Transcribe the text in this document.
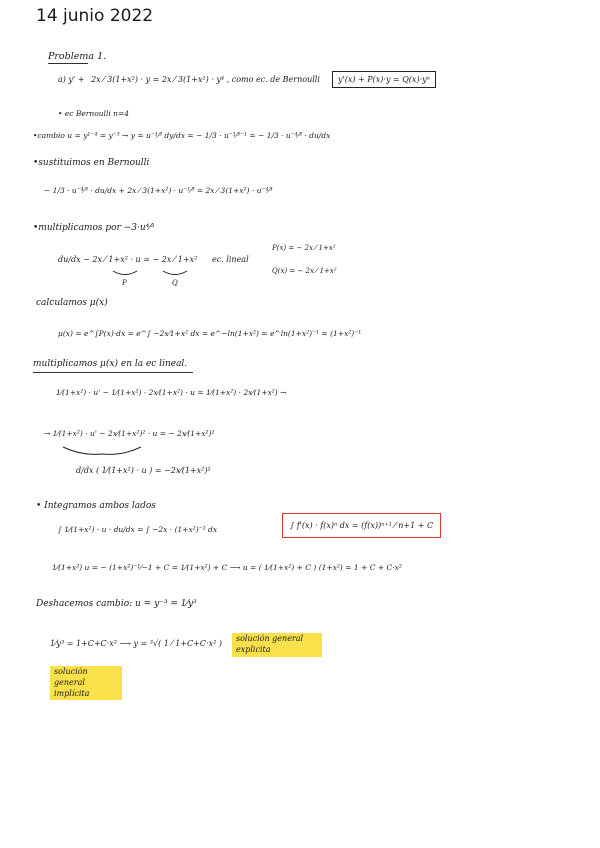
14 junio 2022
Problema 1.
a) y' +   2x ⁄ 3(1+x²) · y = 2x ⁄ 3(1+x²) · y⁴ , como ec. de Bernoulli	y'(x) + P(x)·y = Q(x)·yⁿ
• ec Bernoulli n=4
•cambio u = y¹⁻⁴ = y⁻³ → y = u⁻¹⁄³ dy/dx = − 1/3 · u⁻¹⁄³⁻¹ = − 1/3 · u⁻⁴⁄³ · du/dx
•sustituimos en Bernoulli
− 1/3 · u⁻⁴⁄³ · du/dx + 2x ⁄ 3(1+x²) · u⁻¹⁄³ = 2x ⁄ 3(1+x²) · u⁻⁴⁄³
•multiplicamos por −3·u⁴⁄³
du/dx − 2x ⁄ 1+x² · u = − 2x ⁄ 1+x² ec. lineal
P(x) = − 2x ⁄ 1+x²
Q(x) = − 2x ⁄ 1+x²
P	Q
calculamos μ(x)
μ(x) = e^∫P(x)·dx = e^∫ −2x⁄1+x² dx = e^−ln(1+x²) = e^ln(1+x²)⁻¹ = (1+x²)⁻¹
multiplicamos μ(x) en la ec lineal.
1⁄(1+x²) · u' − 1⁄(1+x²) · 2x⁄(1+x²) · u = 1⁄(1+x²) · 2x⁄(1+x²) →
→ 1⁄(1+x²) · u' − 2x⁄(1+x²)² · u = − 2x⁄(1+x²)²
d/dx ( 1⁄(1+x²) · u ) = −2x⁄(1+x²)²
• Integramos ambos lados
∫ 1⁄(1+x²) · u · du/dx = ∫ −2x · (1+x²)⁻² dx	∫ f'(x) · f(x)ⁿ dx = (f(x))ⁿ⁺¹ ⁄ n+1 + C
1⁄(1+x²) u = − (1+x²)⁻¹⁄−1 + C = 1⁄(1+x²) + C ⟶ u = ( 1⁄(1+x²) + C ) (1+x²) = 1 + C + C·x²
Deshacemos cambio: u = y⁻³ = 1⁄y³
1⁄y³ = 1+C+C·x² ⟶ y = ³√( 1 ⁄ 1+C+C·x² )
solución general explicita
solución general implícita
